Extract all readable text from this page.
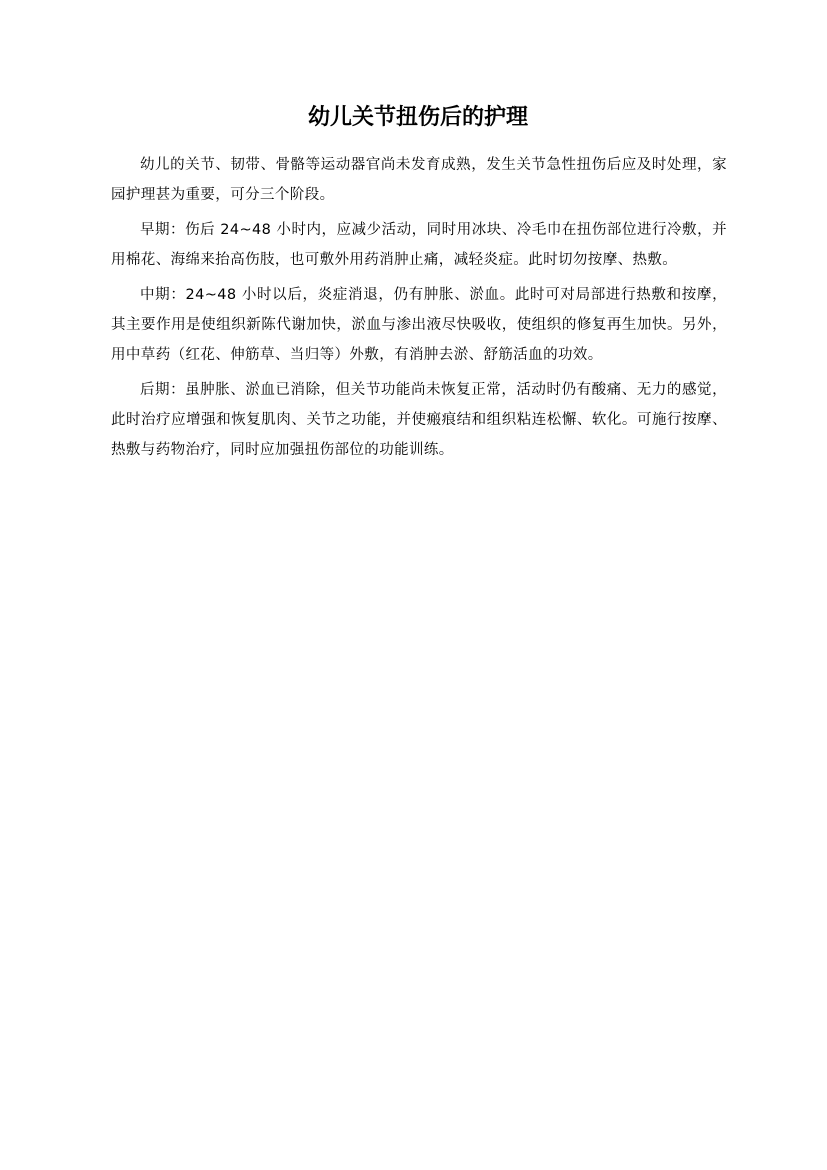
幼儿关节扭伤后的护理

幼儿的关节、韧带、骨骼等运动器官尚未发育成熟，发生关节急性扭伤后应及时处理，家园护理甚为重要，可分三个阶段。

早期：伤后 24~48 小时内，应减少活动，同时用冰块、冷毛巾在扭伤部位进行冷敷，并用棉花、海绵来抬高伤肢，也可敷外用药消肿止痛，减轻炎症。此时切勿按摩、热敷。

中期：24~48 小时以后，炎症消退，仍有肿胀、淤血。此时可对局部进行热敷和按摩，其主要作用是使组织新陈代谢加快，淤血与渗出液尽快吸收，使组织的修复再生加快。另外，用中草药（红花、伸筋草、当归等）外敷，有消肿去淤、舒筋活血的功效。

后期：虽肿胀、淤血已消除，但关节功能尚未恢复正常，活动时仍有酸痛、无力的感觉，此时治疗应增强和恢复肌肉、关节之功能，并使瘢痕结和组织粘连松懈、软化。可施行按摩、热敷与药物治疗，同时应加强扭伤部位的功能训练。
